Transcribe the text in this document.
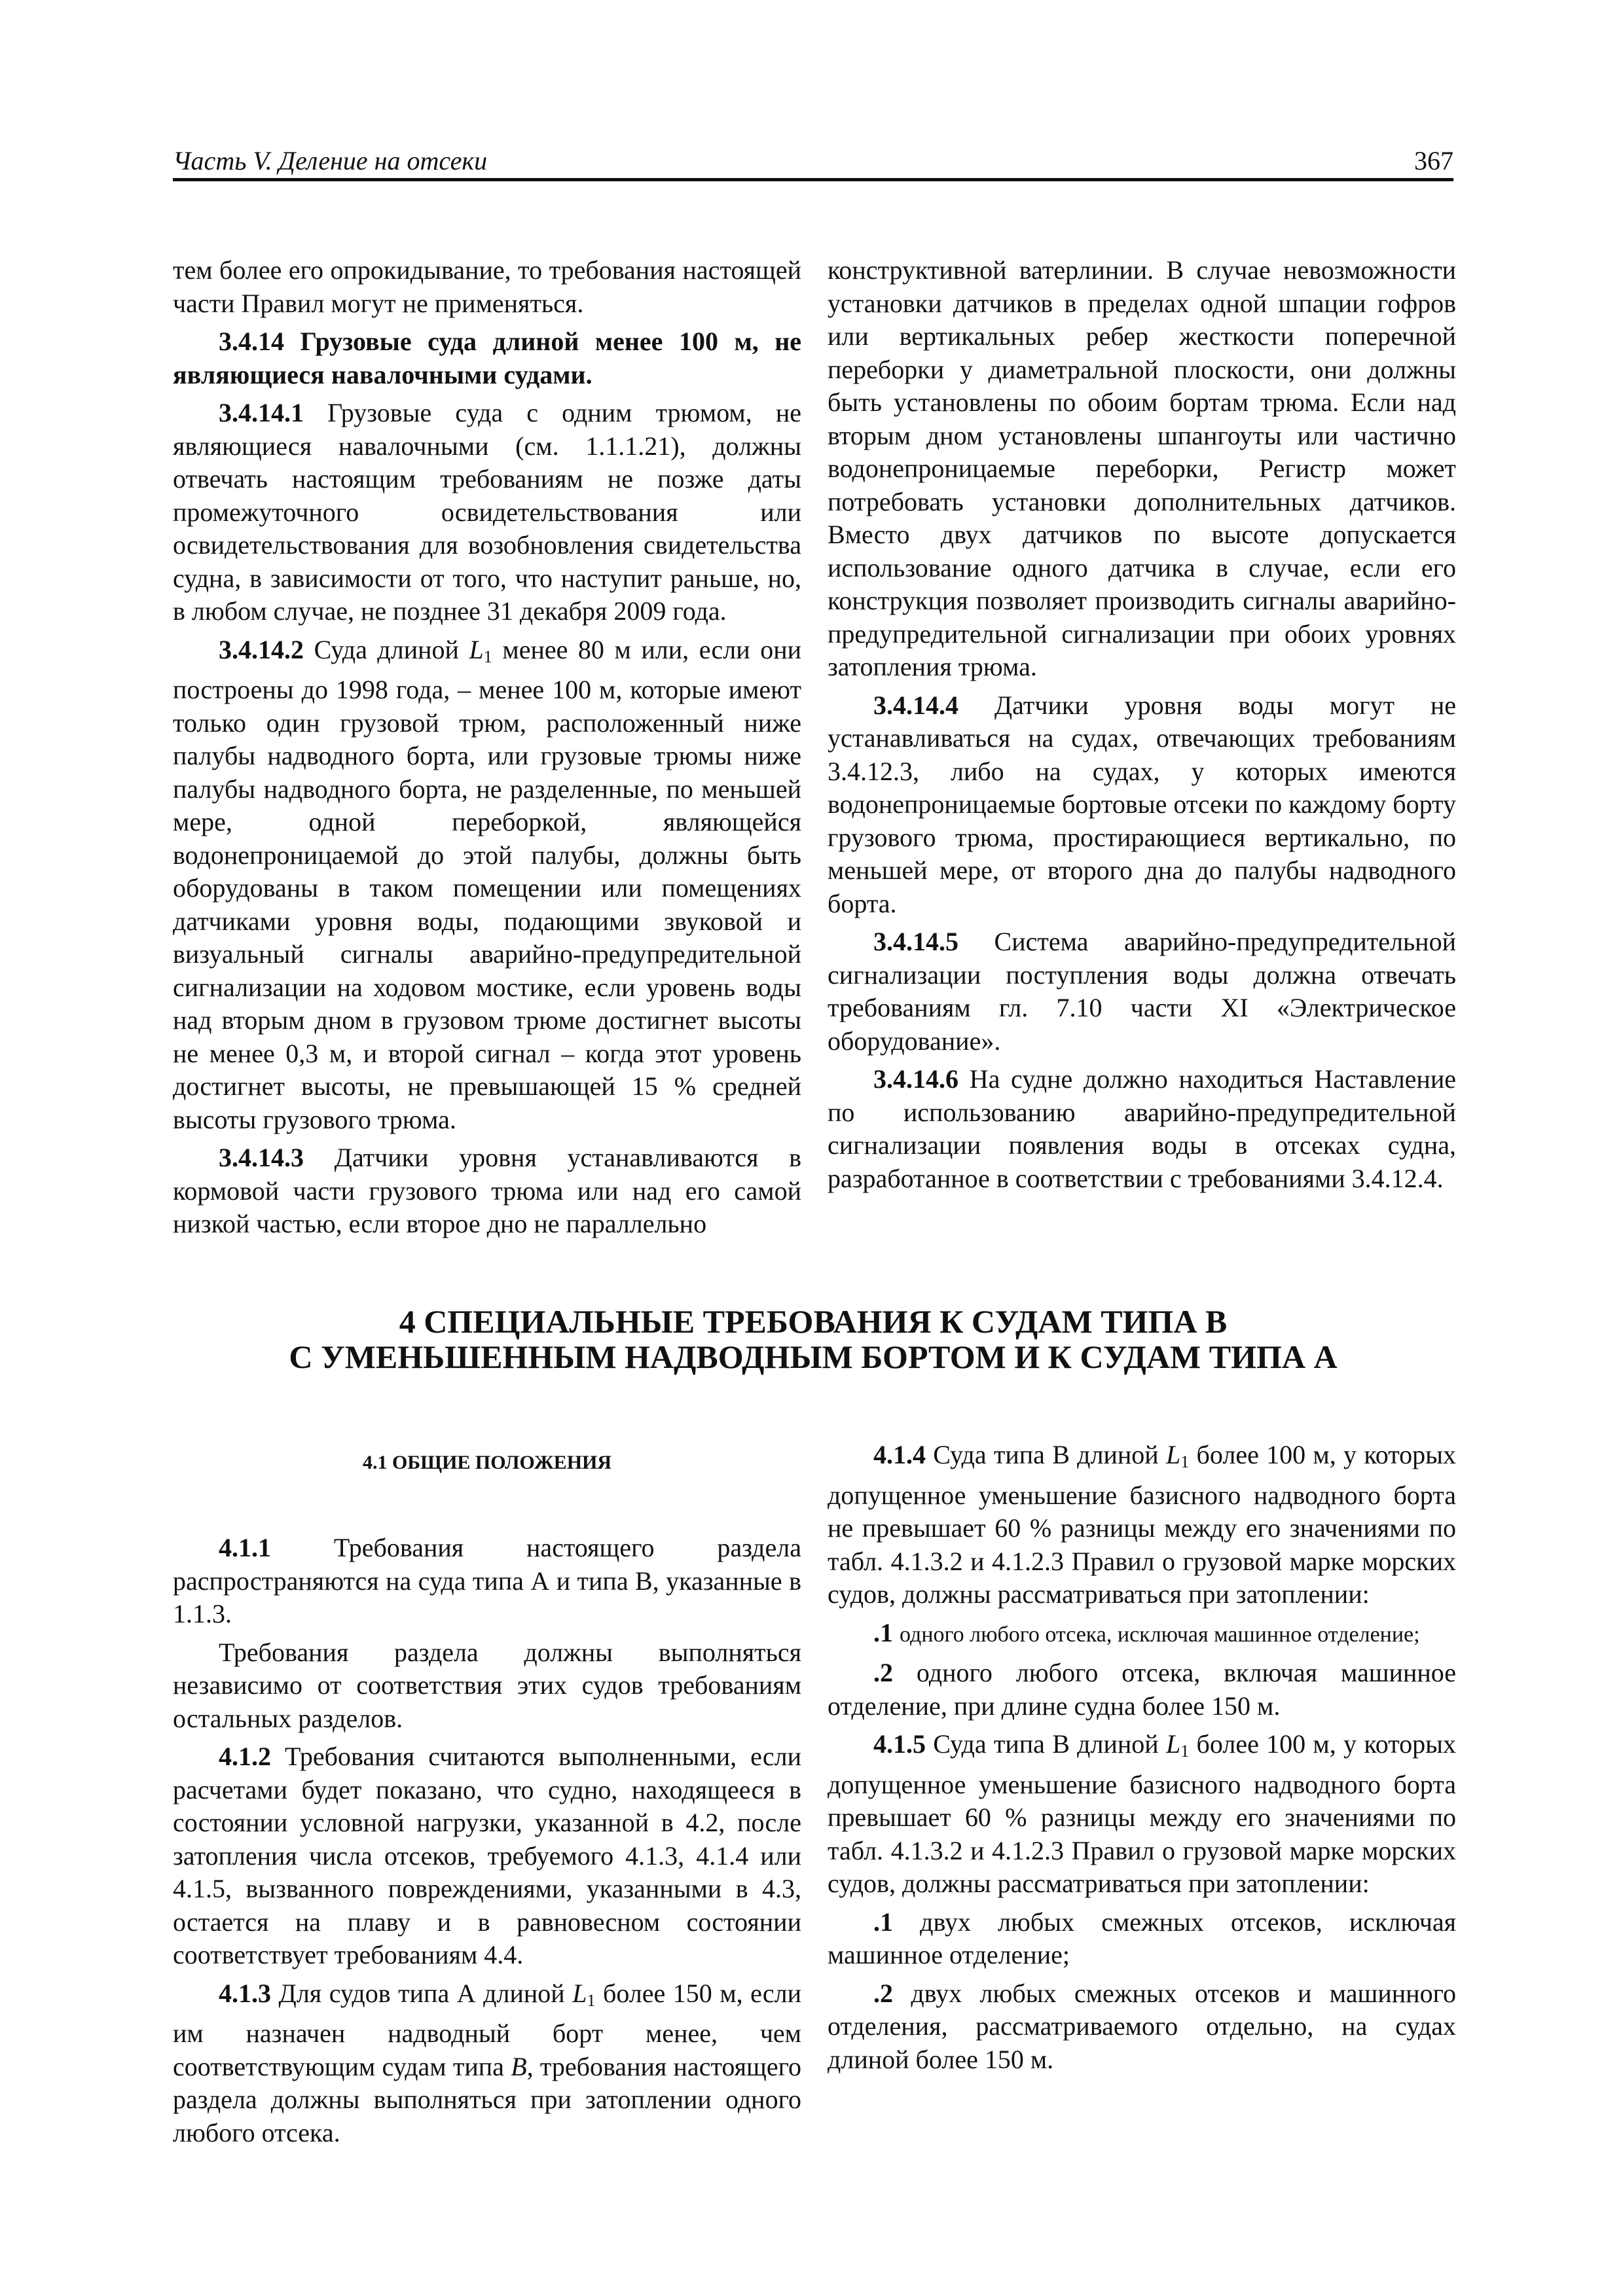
Часть V. Деление на отсеки	367

тем более его опрокидывание, то требования настоящей части Правил могут не применяться.

3.4.14 Грузовые суда длиной менее 100 м, не являющиеся навалочными судами.

3.4.14.1 Грузовые суда с одним трюмом, не являющиеся навалочными (см. 1.1.1.21), должны отвечать настоящим требованиям не позже даты промежуточного освидетельствования или освидетельствования для возобновления свидетельства судна, в зависимости от того, что наступит раньше, но, в любом случае, не позднее 31 декабря 2009 года.

3.4.14.2 Суда длиной $L_1$ менее 80 м или, если они построены до 1998 года, – менее 100 м, которые имеют только один грузовой трюм, расположенный ниже палубы надводного борта, или грузовые трюмы ниже палубы надводного борта, не разделенные, по меньшей мере, одной переборкой, являющейся водонепроницаемой до этой палубы, должны быть оборудованы в таком помещении или помещениях датчиками уровня воды, подающими звуковой и визуальный сигналы аварийно-предупредительной сигнализации на ходовом мостике, если уровень воды над вторым дном в грузовом трюме достигнет высоты не менее 0,3 м, и второй сигнал – когда этот уровень достигнет высоты, не превышающей 15 % средней высоты грузового трюма.

3.4.14.3 Датчики уровня устанавливаются в кормовой части грузового трюма или над его самой низкой частью, если второе дно не параллельно

конструктивной ватерлинии. В случае невозможности установки датчиков в пределах одной шпации гофров или вертикальных ребер жесткости поперечной переборки у диаметральной плоскости, они должны быть установлены по обоим бортам трюма. Если над вторым дном установлены шпангоуты или частично водонепроницаемые переборки, Регистр может потребовать установки дополнительных датчиков. Вместо двух датчиков по высоте допускается использование одного датчика в случае, если его конструкция позволяет производить сигналы аварийно-предупредительной сигнализации при обоих уровнях затопления трюма.

3.4.14.4 Датчики уровня воды могут не устанавливаться на судах, отвечающих требованиям 3.4.12.3, либо на судах, у которых имеются водонепроницаемые бортовые отсеки по каждому борту грузового трюма, простирающиеся вертикально, по меньшей мере, от второго дна до палубы надводного борта.

3.4.14.5 Система аварийно-предупредительной сигнализации поступления воды должна отвечать требованиям гл. 7.10 части XI «Электрическое оборудование».

3.4.14.6 На судне должно находиться Наставление по использованию аварийно-предупредительной сигнализации появления воды в отсеках судна, разработанное в соответствии с требованиями 3.4.12.4.

4 СПЕЦИАЛЬНЫЕ ТРЕБОВАНИЯ К СУДАМ ТИПА В
С УМЕНЬШЕННЫМ НАДВОДНЫМ БОРТОМ И К СУДАМ ТИПА А
4.1 ОБЩИЕ ПОЛОЖЕНИЯ

4.1.1 Требования настоящего раздела распространяются на суда типа А и типа В, указанные в 1.1.3.

Требования раздела должны выполняться независимо от соответствия этих судов требованиям остальных разделов.

4.1.2 Требования считаются выполненными, если расчетами будет показано, что судно, находящееся в состоянии условной нагрузки, указанной в 4.2, после затопления числа отсеков, требуемого 4.1.3, 4.1.4 или 4.1.5, вызванного повреждениями, указанными в 4.3, остается на плаву и в равновесном состоянии соответствует требованиям 4.4.

4.1.3 Для судов типа А длиной $L_1$ более 150 м, если им назначен надводный борт менее, чем соответствующим судам типа B, требования настоящего раздела должны выполняться при затоплении одного любого отсека.

4.1.4 Суда типа В длиной $L_1$ более 100 м, у которых допущенное уменьшение базисного надводного борта не превышает 60 % разницы между его значениями по табл. 4.1.3.2 и 4.1.2.3 Правил о грузовой марке морских судов, должны рассматриваться при затоплении:

.1 одного любого отсека, исключая машинное отделение;

.2 одного любого отсека, включая машинное отделение, при длине судна более 150 м.

4.1.5 Суда типа В длиной $L_1$ более 100 м, у которых допущенное уменьшение базисного надводного борта превышает 60 % разницы между его значениями по табл. 4.1.3.2 и 4.1.2.3 Правил о грузовой марке морских судов, должны рассматриваться при затоплении:

.1 двух любых смежных отсеков, исключая машинное отделение;

.2 двух любых смежных отсеков и машинного отделения, рассматриваемого отдельно, на судах длиной более 150 м.
